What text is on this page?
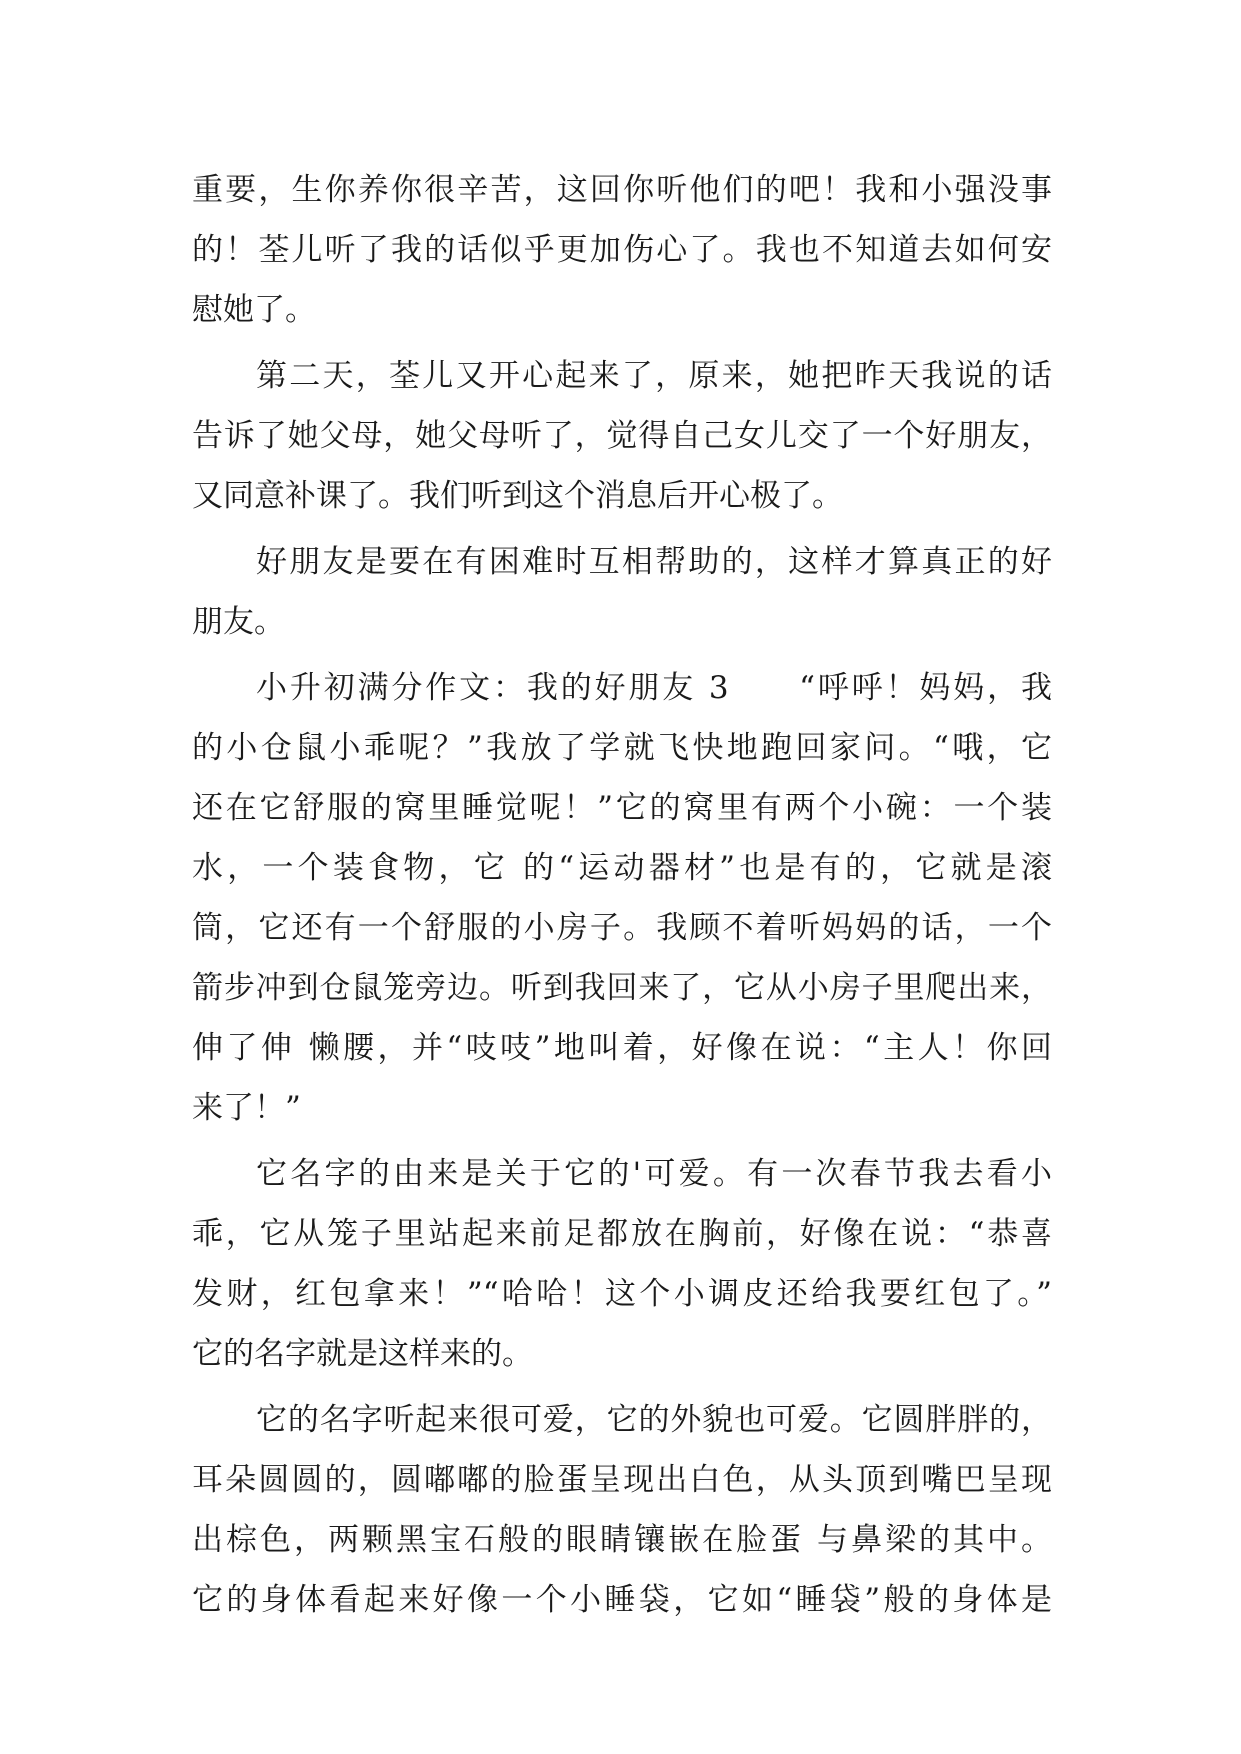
重要，生你养你很辛苦，这回你听他们的吧！我和小强没事
的！荃儿听了我的话似乎更加伤心了。我也不知道去如何安
慰她了。
第二天，荃儿又开心起来了，原来，她把昨天我说的话
告诉了她父母，她父母听了，觉得自己女儿交了一个好朋友，
又同意补课了。我们听到这个消息后开心极了。
好朋友是要在有困难时互相帮助的，这样才算真正的好
朋友。
小升初满分作文：我的好朋友 3　　“呼呼！妈妈，我
的小仓鼠小乖呢？”我放了学就飞快地跑回家问。“哦，它
还在它舒服的窝里睡觉呢！”它的窝里有两个小碗：一个装
水，一个装食物，它 的“运动器材”也是有的，它就是滚
筒，它还有一个舒服的小房子。我顾不着听妈妈的话，一个
箭步冲到仓鼠笼旁边。听到我回来了，它从小房子里爬出来，
伸了伸 懒腰，并“吱吱”地叫着，好像在说：“主人！你回
来了！”
它名字的由来是关于它的'可爱。有一次春节我去看小
乖，它从笼子里站起来前足都放在胸前，好像在说：“恭喜
发财，红包拿来！”“哈哈！这个小调皮还给我要红包了。”
它的名字就是这样来的。
它的名字听起来很可爱，它的外貌也可爱。它圆胖胖的，
耳朵圆圆的，圆嘟嘟的脸蛋呈现出白色，从头顶到嘴巴呈现
出棕色，两颗黑宝石般的眼睛镶嵌在脸蛋 与鼻梁的其中。
它的身体看起来好像一个小睡袋，它如“睡袋”般的身体是
